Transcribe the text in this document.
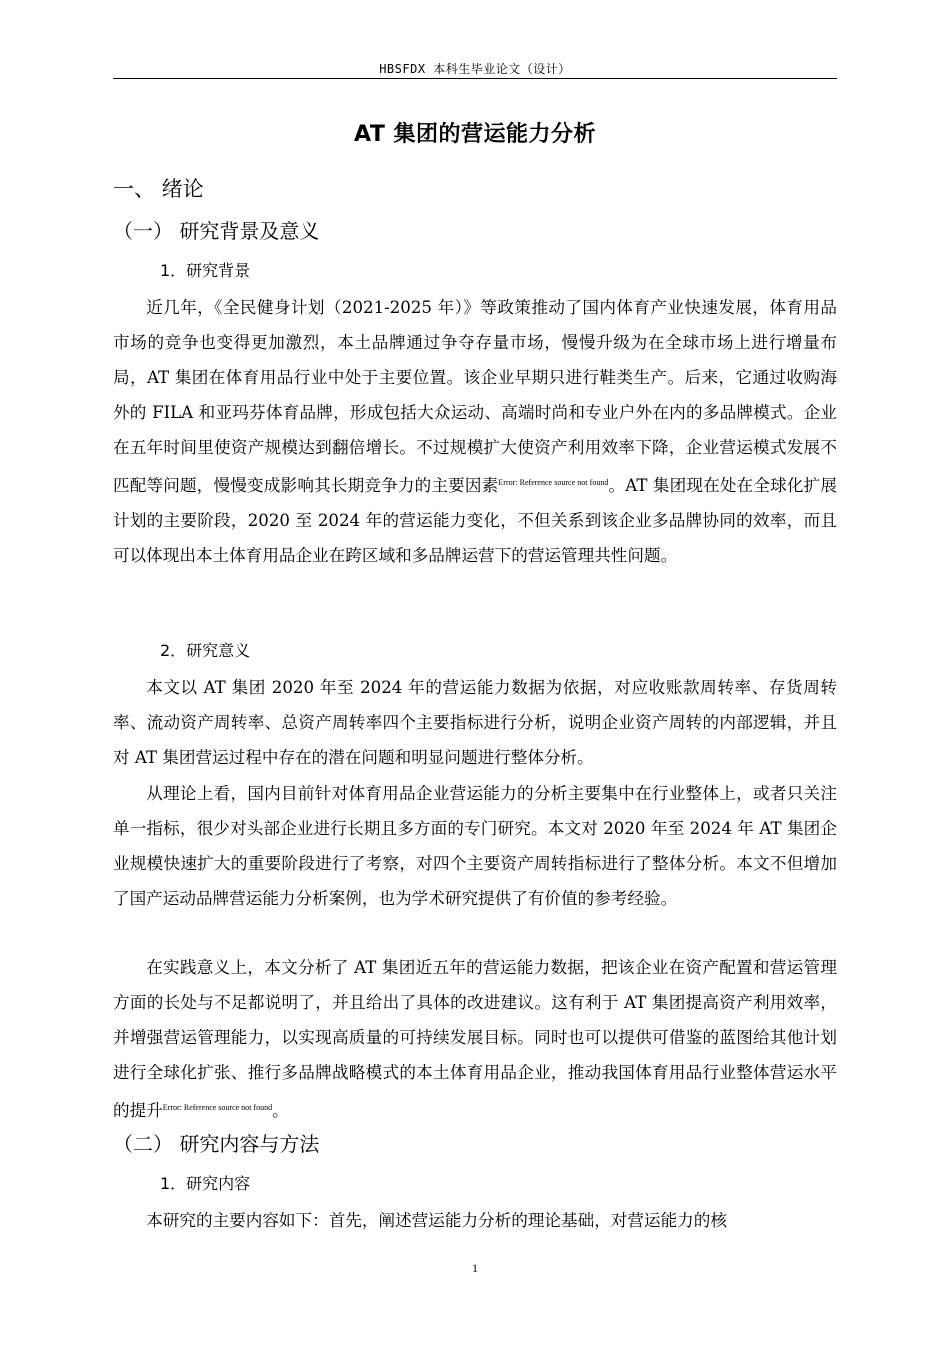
HBSFDX 本科生毕业论文（设计）
AT 集团的营运能力分析
一、 绪论
（一） 研究背景及意义
1．研究背景

近几年，《全民健身计划（2021-2025 年）》等政策推动了国内体育产业快速发展，体育用品市场的竞争也变得更加激烈，本土品牌通过争夺存量市场，慢慢升级为在全球市场上进行增量布局，AT 集团在体育用品行业中处于主要位置。该企业早期只进行鞋类生产。后来，它通过收购海外的 FILA 和亚玛芬体育品牌，形成包括大众运动、高端时尚和专业户外在内的多品牌模式。企业在五年时间里使资产规模达到翻倍增长。不过规模扩大使资产利用效率下降，企业营运模式发展不匹配等问题，慢慢变成影响其长期竞争力的主要因素$^{Error: Reference source not found}$。AT 集团现在处在全球化扩展计划的主要阶段，2020 至 2024 年的营运能力变化，不但关系到该企业多品牌协同的效率，而且可以体现出本土体育用品企业在跨区域和多品牌运营下的营运管理共性问题。

2．研究意义

本文以 AT 集团 2020 年至 2024 年的营运能力数据为依据，对应收账款周转率、存货周转率、流动资产周转率、总资产周转率四个主要指标进行分析，说明企业资产周转的内部逻辑，并且对 AT 集团营运过程中存在的潜在问题和明显问题进行整体分析。

从理论上看，国内目前针对体育用品企业营运能力的分析主要集中在行业整体上，或者只关注单一指标，很少对头部企业进行长期且多方面的专门研究。本文对 2020 年至 2024 年 AT 集团企业规模快速扩大的重要阶段进行了考察，对四个主要资产周转指标进行了整体分析。本文不但增加了国产运动品牌营运能力分析案例，也为学术研究提供了有价值的参考经验。

在实践意义上，本文分析了 AT 集团近五年的营运能力数据，把该企业在资产配置和营运管理方面的长处与不足都说明了，并且给出了具体的改进建议。这有利于 AT 集团提高资产利用效率，并增强营运管理能力，以实现高质量的可持续发展目标。同时也可以提供可借鉴的蓝图给其他计划进行全球化扩张、推行多品牌战略模式的本土体育用品企业，推动我国体育用品行业整体营运水平的提升$^{Error: Reference source not found}$。

（二） 研究内容与方法
1．研究内容

本研究的主要内容如下：首先，阐述营运能力分析的理论基础，对营运能力的核

1
